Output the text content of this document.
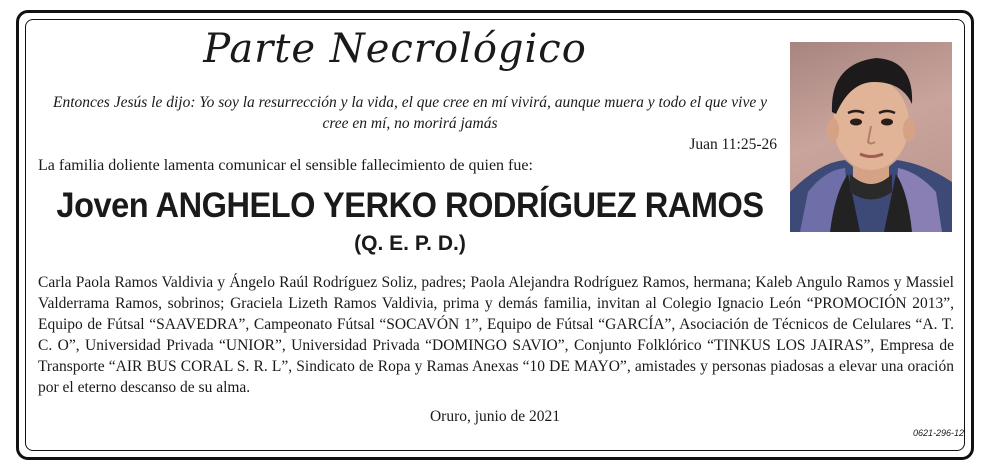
Parte Necrológico
Entonces Jesús le dijo: Yo soy la resurrección y la vida, el que cree en mí vivirá, aunque muera y todo el que vive y cree en mí, no morirá jamás
Juan 11:25-26
La familia doliente lamenta comunicar el sensible fallecimiento de quien fue:
Joven ANGHELO YERKO RODRÍGUEZ RAMOS
(Q. E. P. D.)
Carla Paola Ramos Valdivia y Ángelo Raúl Rodríguez Soliz, padres; Paola Alejandra Rodríguez Ramos, hermana; Kaleb Angulo Ramos y Massiel Valderrama Ramos, sobrinos; Graciela Lizeth Ramos Valdivia, prima y demás familia, invitan al Colegio Ignacio León “PROMOCIÓN 2013”, Equipo de Fútsal “SAAVEDRA”, Campeonato Fútsal “SOCAVÓN 1”, Equipo de Fútsal “GARCÍA”, Asociación de Técnicos de Celulares “A. T. C. O”, Universidad Privada “UNIOR”, Universidad Privada “DOMINGO SAVIO”, Conjunto Folklórico “TINKUS LOS JAIRAS”, Empresa de Transporte “AIR BUS CORAL S. R. L”, Sindicato de Ropa y Ramas Anexas “10 DE MAYO”, amistades y personas piadosas a elevar una oración por el eterno descanso de su alma.
Oruro, junio de 2021
0621-296-12
